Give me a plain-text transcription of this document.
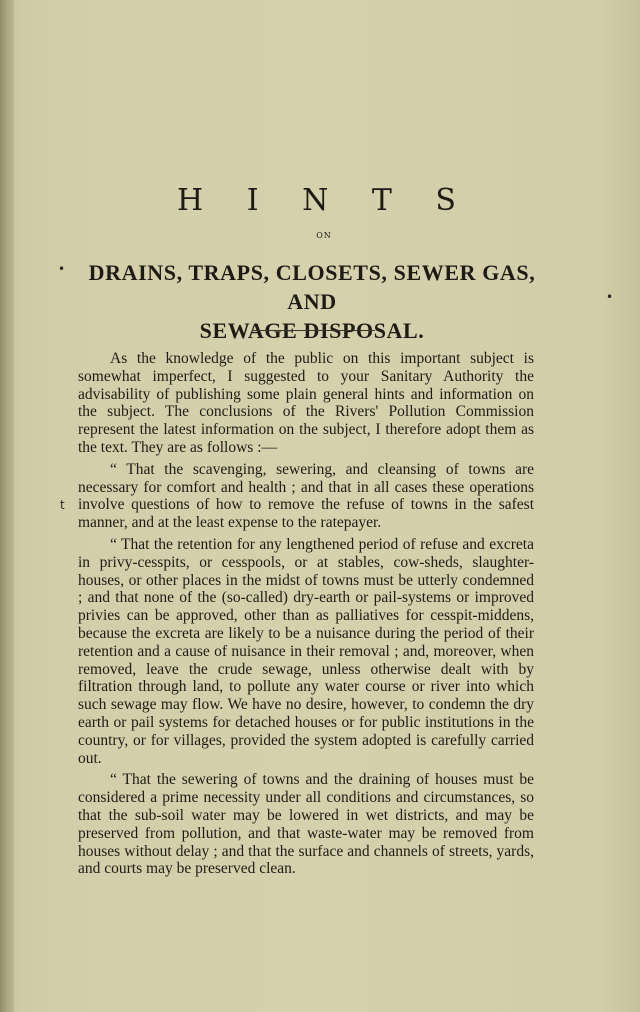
H I N T S
ON
DRAINS, TRAPS, CLOSETS, SEWER GAS, AND
SEWAGE DISPOSAL.
•
•
t

As the knowledge of the public on this important subject is somewhat imperfect, I suggested to your Sanitary Authority the advisability of publishing some plain general hints and information on the subject. The conclusions of the Rivers' Pollution Commission represent the latest information on the subject, I therefore adopt them as the text. They are as follows :—

“ That the scavenging, sewering, and cleansing of towns are necessary for comfort and health ; and that in all cases these operations involve questions of how to remove the refuse of towns in the safest manner, and at the least expense to the ratepayer.

“ That the retention for any lengthened period of refuse and excreta in privy-cesspits, or cesspools, or at stables, cow-sheds, slaughter-houses, or other places in the midst of towns must be utterly condemned ; and that none of the (so-called) dry-earth or pail-systems or improved privies can be approved, other than as palliatives for cesspit-middens, because the excreta are likely to be a nuisance during the period of their retention and a cause of nuisance in their removal ; and, moreover, when removed, leave the crude sewage, unless otherwise dealt with by filtration through land, to pollute any water course or river into which such sewage may flow. We have no desire, however, to condemn the dry earth or pail systems for detached houses or for public institutions in the country, or for villages, provided the system adopted is carefully carried out.

“ That the sewering of towns and the draining of houses must be considered a prime necessity under all conditions and circumstances, so that the sub-soil water may be lowered in wet districts, and may be preserved from pollution, and that waste-water may be removed from houses without delay ; and that the surface and channels of streets, yards, and courts may be preserved clean.
